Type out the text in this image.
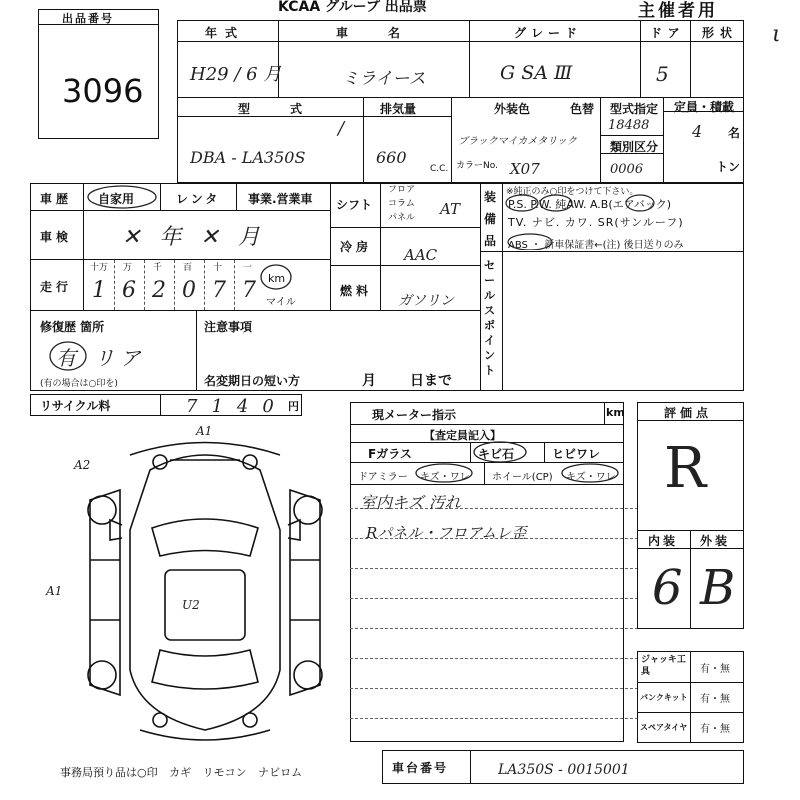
KCAA グループ 出品票	主催者用
ι
出品番号
3096
年式	車名	グレード	ドア 形状
H29 / 6 月	ミライース	G SA Ⅲ	5
型式
DBA - LA350S
/
排気量
660
C.C.
外装色	色替
ブラックマイカメタリック
カラーNo. X07
型式指定
18488
類別区分
0006
定員・積載
4 名
トン
車歴 自家用	レンタ 事業.営業車
車検 ✕ 年 ✕ 月
走行
十万 万 千 百 十 一
1 6 2 0 7 7 km
マイル
シフト
フロア
コラム
パネル AT
冷房 AAC
燃料
ガソリン
装備品
※純正のみ○印をつけて下さい。
P.S. P.W. 純AW. A.B(エアバック)
TV. ナビ. カワ. SR(サンルーフ)
ABS ・ 新車保証書←(注) 後日送りのみ
セールスポイント
修復歴 箇所
有 リア
(有の場合は○印を)
注意事項
名変期日の短い方	月 日まで
リサイクル料	7140 円
A1
A2
A1
U2
事務局預り品は○印 カギ リモコン ナビロム
現メーター指示	km
【査定員記入】
Fガラス	キビ石	ヒビワレ
ドアミラー キズ・ワレ ホイール(CP) キズ・ワレ
室内キズ 汚れ
Rパネル・フロアムレ歪
評価点
R
内装 外装
6 B
ジャッキ工具	有・無
パンクキット 有・無
スペアタイヤ 有・無
車台番号	LA350S - 0015001
